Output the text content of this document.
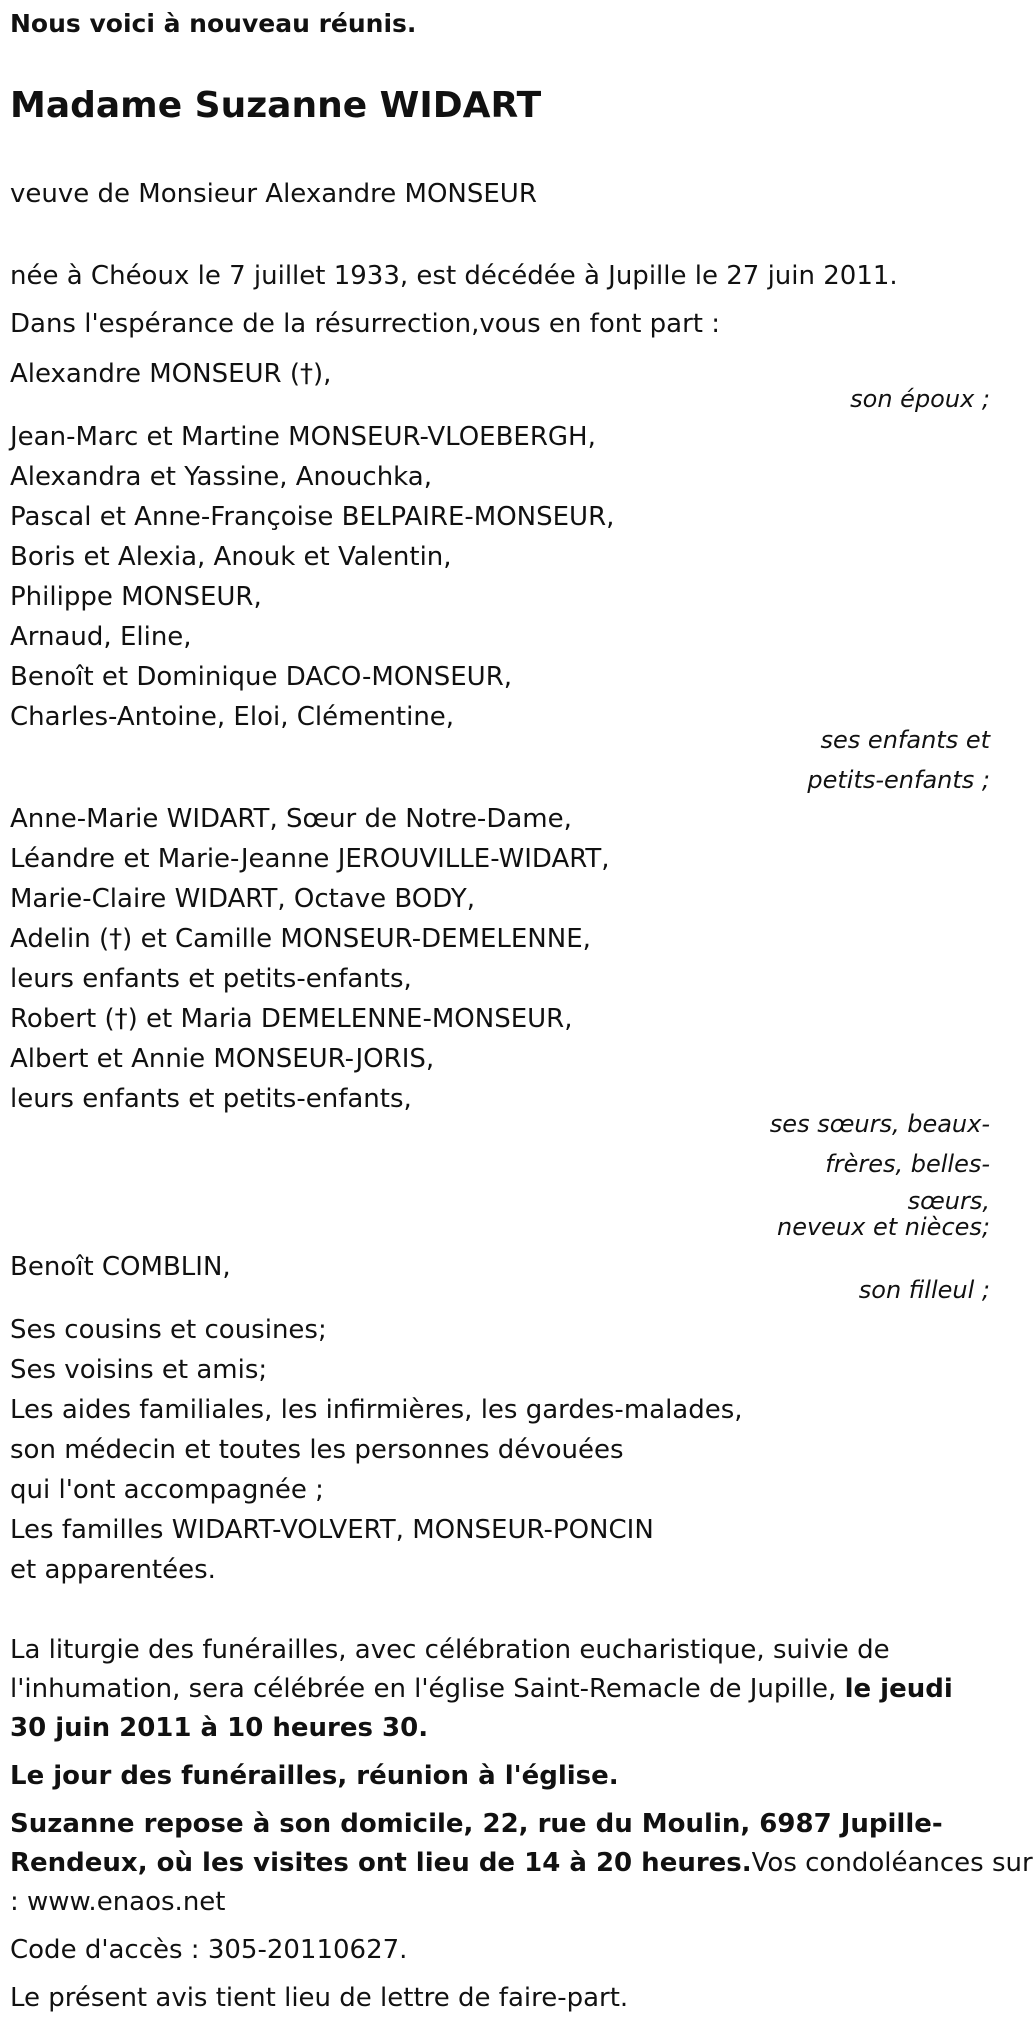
Nous voici à nouveau réunis.
Madame Suzanne WIDART
veuve de Monsieur Alexandre MONSEUR
née à Chéoux le 7 juillet 1933, est décédée à Jupille le 27 juin 2011.
Dans l'espérance de la résurrection,vous en font part :
Alexandre MONSEUR (†),
son époux ;
Jean-Marc et Martine MONSEUR-VLOEBERGH,
Alexandra et Yassine, Anouchka,
Pascal et Anne-Françoise BELPAIRE-MONSEUR,
Boris et Alexia, Anouk et Valentin,
Philippe MONSEUR,
Arnaud, Eline,
Benoît et Dominique DACO-MONSEUR,
Charles-Antoine, Eloi, Clémentine,
ses enfants et
petits-enfants ;
Anne-Marie WIDART, Sœur de Notre-Dame,
Léandre et Marie-Jeanne JEROUVILLE-WIDART,
Marie-Claire WIDART, Octave BODY,
Adelin (†) et Camille MONSEUR-DEMELENNE,
leurs enfants et petits-enfants,
Robert (†) et Maria DEMELENNE-MONSEUR,
Albert et Annie MONSEUR-JORIS,
leurs enfants et petits-enfants,
ses sœurs, beaux-
frères, belles-
sœurs,
neveux et nièces;
Benoît COMBLIN,
son filleul ;
Ses cousins et cousines;
Ses voisins et amis;
Les aides familiales, les infirmières, les gardes-malades,
son médecin et toutes les personnes dévouées
qui l'ont accompagnée ;
Les familles WIDART-VOLVERT, MONSEUR-PONCIN
et apparentées.
La liturgie des funérailles, avec célébration eucharistique, suivie de
l'inhumation, sera célébrée en l'église Saint-Remacle de Jupille, le jeudi
30 juin 2011 à 10 heures 30.
Le jour des funérailles, réunion à l'église.
Suzanne repose à son domicile, 22, rue du Moulin, 6987 Jupille-
Rendeux, où les visites ont lieu de 14 à 20 heures.Vos condoléances sur
: www.enaos.net
Code d'accès : 305-20110627.
Le présent avis tient lieu de lettre de faire-part.
